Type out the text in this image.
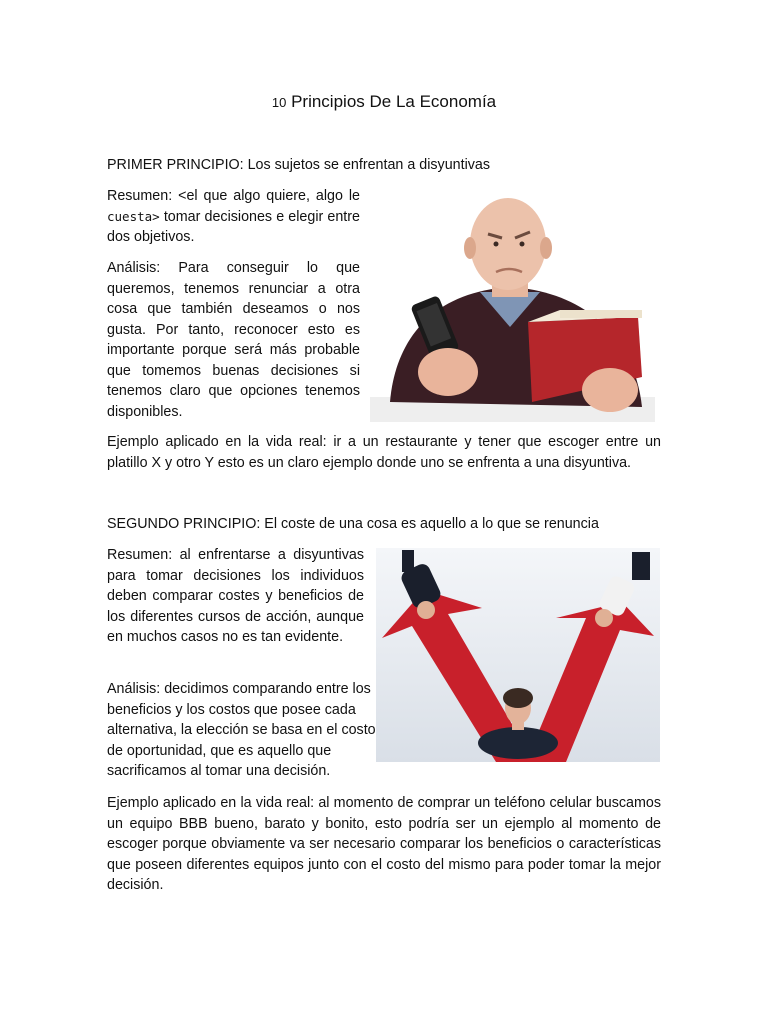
10 Principios De La Economía

PRIMER PRINCIPIO: Los sujetos se enfrentan a disyuntivas

Resumen: <el que algo quiere, algo le cuesta> tomar decisiones e elegir entre dos objetivos.

Análisis: Para conseguir lo que queremos, tenemos renunciar a otra cosa que también deseamos o nos gusta. Por tanto, reconocer esto es importante porque será más probable que tomemos buenas decisiones si tenemos claro que opciones tenemos disponibles.

Ejemplo aplicado en la vida real: ir a un restaurante y tener que escoger entre un platillo X y otro Y esto es un claro ejemplo donde uno se enfrenta a una disyuntiva.

SEGUNDO PRINCIPIO: El coste de una cosa es aquello a lo que se renuncia

Resumen: al enfrentarse a disyuntivas para tomar decisiones los individuos deben comparar costes y beneficios de los diferentes cursos de acción, aunque en muchos casos no es tan evidente.

Análisis: decidimos comparando entre los beneficios y los costos que posee cada alternativa, la elección se basa en el costo de oportunidad, que es aquello que sacrificamos al tomar una decisión.

Ejemplo aplicado en la vida real: al momento de comprar un teléfono celular buscamos un equipo BBB bueno, barato y bonito, esto podría ser un ejemplo al momento de escoger porque obviamente va ser necesario comparar los beneficios o características que poseen diferentes equipos junto con el costo del mismo para poder tomar la mejor decisión.
